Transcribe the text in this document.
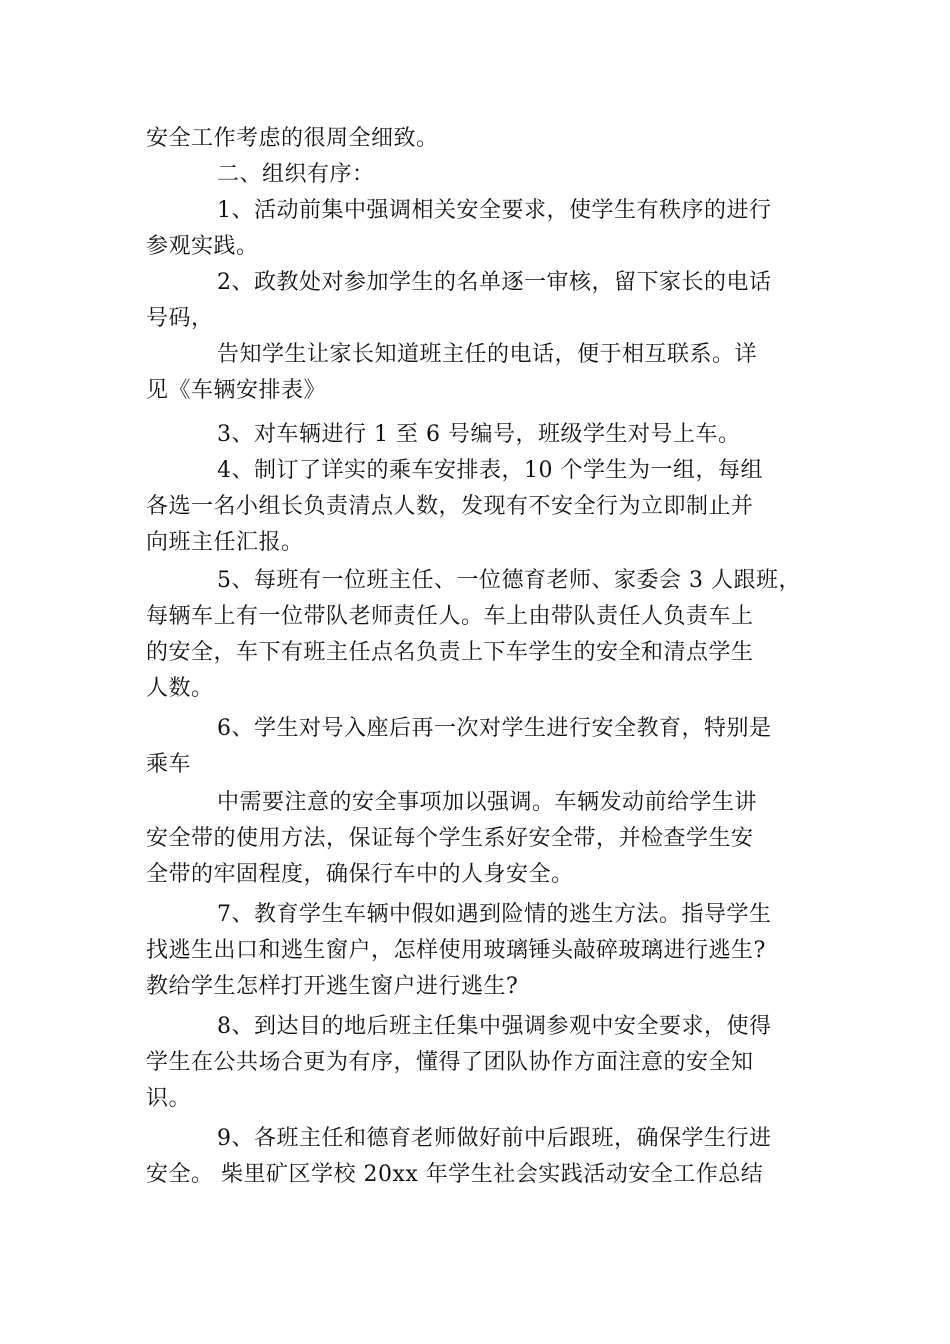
安全工作考虑的很周全细致。
二、组织有序：
1、活动前集中强调相关安全要求，使学生有秩序的进行
参观实践。
2、政教处对参加学生的名单逐一审核，留下家长的电话
号码，
告知学生让家长知道班主任的电话，便于相互联系。详
见《车辆安排表》
3、对车辆进行 1 至 6 号编号，班级学生对号上车。
4、制订了详实的乘车安排表，10 个学生为一组，每组
各选一名小组长负责清点人数，发现有不安全行为立即制止并
向班主任汇报。
5、每班有一位班主任、一位德育老师、家委会 3 人跟班，
每辆车上有一位带队老师责任人。车上由带队责任人负责车上
的安全，车下有班主任点名负责上下车学生的安全和清点学生
人数。
6、学生对号入座后再一次对学生进行安全教育，特别是
乘车
中需要注意的安全事项加以强调。车辆发动前给学生讲
安全带的使用方法，保证每个学生系好安全带，并检查学生安
全带的牢固程度，确保行车中的人身安全。
7、教育学生车辆中假如遇到险情的逃生方法。指导学生
找逃生出口和逃生窗户，怎样使用玻璃锤头敲碎玻璃进行逃生?
教给学生怎样打开逃生窗户进行逃生?
8、到达目的地后班主任集中强调参观中安全要求，使得
学生在公共场合更为有序，懂得了团队协作方面注意的安全知
识。
9、各班主任和德育老师做好前中后跟班，确保学生行进
安全。 柴里矿区学校 20xx 年学生社会实践活动安全工作总结
